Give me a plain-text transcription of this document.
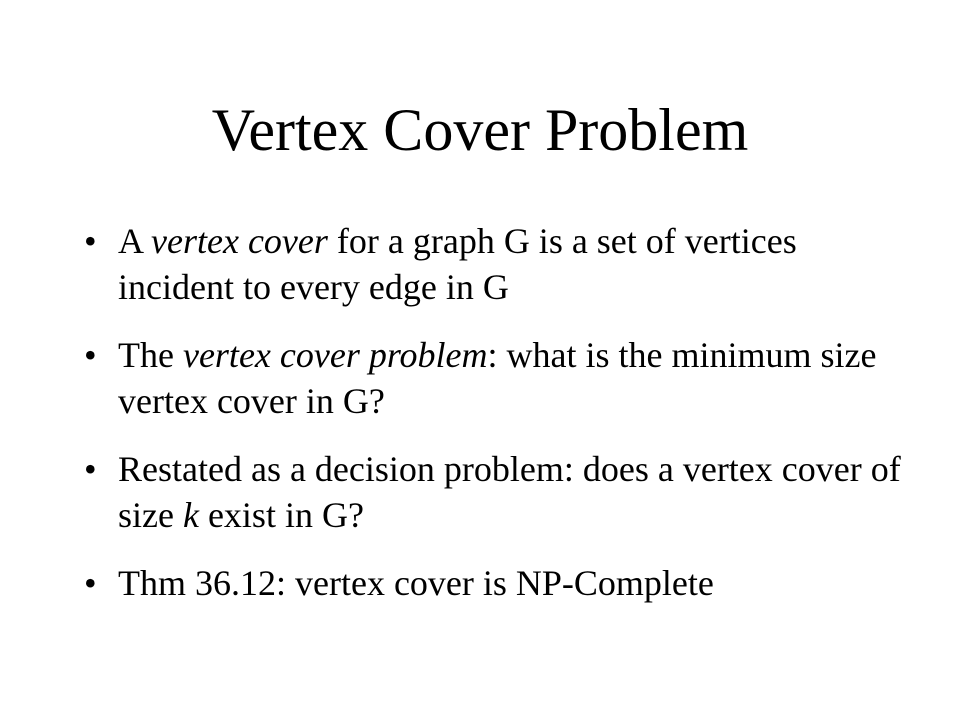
Vertex Cover Problem
• A vertex cover for a graph G is a set of vertices incident to every edge in G
• The vertex cover problem: what is the minimum size vertex cover in G?
• Restated as a decision problem: does a vertex cover of size k exist in G?
• Thm 36.12: vertex cover is NP-Complete
